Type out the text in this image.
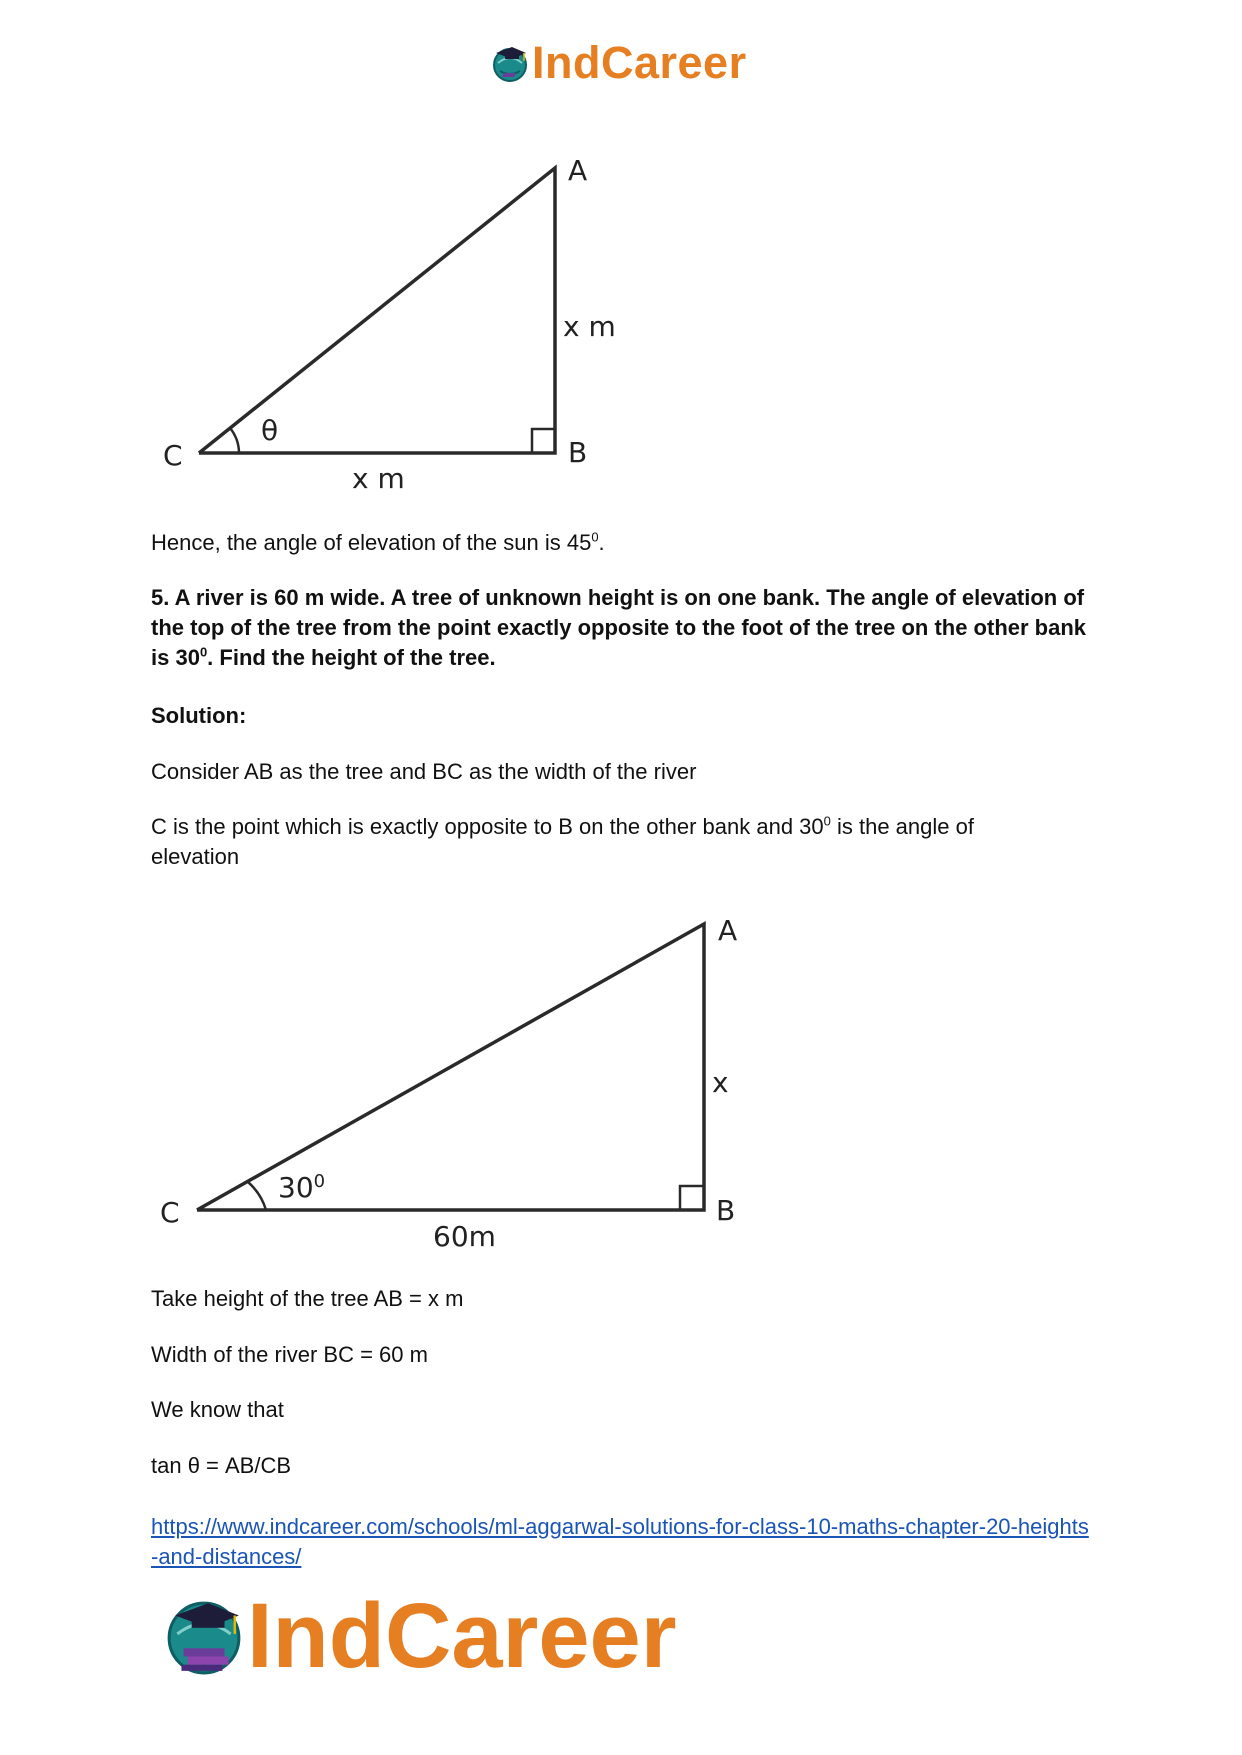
IndCareer
A
B
C
θ
x m
x m
Hence, the angle of elevation of the sun is $45^0$.
5. A river is 60 m wide. A tree of unknown height is on one bank. The angle of elevation of the top of the tree from the point exactly opposite to the foot of the tree on the other bank is $30^0$. Find the height of the tree.
Solution:
Consider AB as the tree and BC as the width of the river
C is the point which is exactly opposite to B on the other bank and $30^0$ is the angle of elevation
A
B
C
$30^0$
x
60m
Take height of the tree AB = x m
Width of the river BC = 60 m
We know that
tan θ = AB/CB
https://www.indcareer.com/schools/ml-aggarwal-solutions-for-class-10-maths-chapter-20-heights-and-distances/
IndCareer
